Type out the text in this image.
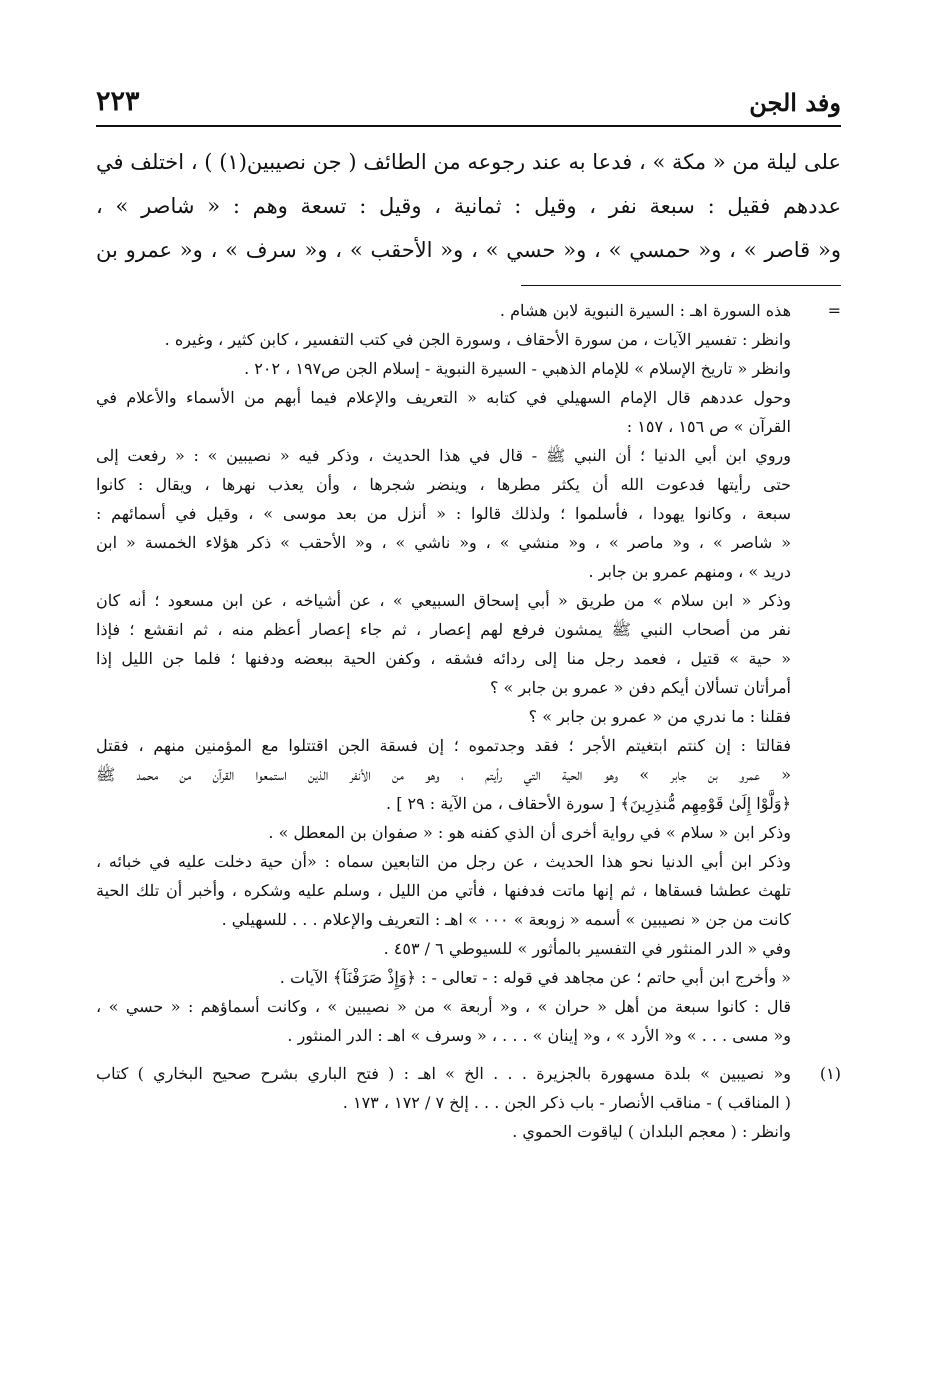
وفد الجن
٢٢٣
على ليلة من « مكة » ، فدعا به عند رجوعه من الطائف ( جن نصيبين(١) ) ، اختلف في
عددهم فقيل : سبعة نفر ، وقيل : ثمانية ، وقيل : تسعة وهم : « شاصر » ،
و« قاصر » ، و« حمسي » ، و« حسي » ، و« الأحقب » ، و« سرف » ، و« عمرو بن
=
هذه السورة اهـ : السيرة النبوية لابن هشام .
وانظر : تفسير الآيات ، من سورة الأحقاف ، وسورة الجن في كتب التفسير ، كابن كثير ، وغيره .
وانظر « تاريخ الإسلام » للإمام الذهبي - السيرة النبوية - إسلام الجن ص١٩٧ ، ٢٠٢ .
وحول عددهم قال الإمام السهيلي في كتابه « التعريف والإعلام فيما أبهم من الأسماء والأعلام في
القرآن » ص ١٥٦ ، ١٥٧ :
وروي ابن أبي الدنيا ؛ أن النبي ﷺ - قال في هذا الحديث ، وذكر فيه « نصيبين » : « رفعت إلى
حتى رأيتها فدعوت الله أن يكثر مطرها ، وينضر شجرها ، وأن يعذب نهرها ، ويقال : كانوا
سبعة ، وكانوا يهودا ، فأسلموا ؛ ولذلك قالوا : « أنزل من بعد موسى » ، وقيل في أسمائهم :
« شاصر » ، و« ماصر » ، و« منشي » ، و« ناشي » ، و« الأحقب » ذكر هؤلاء الخمسة « ابن
دريد » ، ومنهم عمرو بن جابر .
وذكر « ابن سلام » من طريق « أبي إسحاق السبيعي » ، عن أشياخه ، عن ابن مسعود ؛ أنه كان
نفر من أصحاب النبي ﷺ يمشون فرفع لهم إعصار ، ثم جاء إعصار أعظم منه ، ثم انقشع ؛ فإذا
« حية » قتيل ، فعمد رجل منا إلى ردائه فشقه ، وكفن الحية ببعضه ودفنها ؛ فلما جن الليل إذا
أمرأتان تسألان أيكم دفن « عمرو بن جابر » ؟
فقلنا : ما ندري من « عمرو بن جابر » ؟
فقالتا : إن كنتم ابتغيتم الأجر ؛ فقد وجدتموه ؛ إن فسقة الجن اقتتلوا مع المؤمنين منهم ، فقتل
« عمرو بن جابر » وهو الحية التي رأيتم ، وهو من الأنفر الذين استمعوا القرآن من محمد ﷺ
﴿وَلَّوْا إِلَىٰ قَوْمِهِم مُّنذِرِينَ﴾ [ سورة الأحقاف ، من الآية : ٢٩ ] .
وذكر ابن « سلام » في رواية أخرى أن الذي كفنه هو : « صفوان بن المعطل » .
وذكر ابن أبي الدنيا نحو هذا الحديث ، عن رجل من التابعين سماه : «أن حية دخلت عليه في خبائه ،
تلهث عطشا فسقاها ، ثم إنها ماتت فدفنها ، فأتي من الليل ، وسلم عليه وشكره ، وأخبر أن تلك الحية
كانت من جن « نصيبين » أسمه « زوبعة » ٠٠٠ » اهـ : التعريف والإعلام . . . للسهيلي .
وفي « الدر المنثور في التفسير بالمأثور » للسيوطي ٦ / ٤٥٣ .
« وأخرج ابن أبي حاتم ؛ عن مجاهد في قوله : - تعالى - : ﴿وَإِذْ صَرَفْنَآ﴾ الآيات .
قال : كانوا سبعة من أهل « حران » ، و« أربعة » من « نصيبين » ، وكانت أسماؤهم : « حسي » ،
و« مسى . . . » و« الأرد » ، و« إينان » . . . ، « وسرف » اهـ : الدر المنثور .
(١)
و« نصيبين » بلدة مسهورة بالجزيرة . . . الخ » اهـ : ( فتح الباري بشرح صحيح البخاري ) كتاب
( المناقب ) - مناقب الأنصار - باب ذكر الجن . . . إلخ ٧ / ١٧٢ ، ١٧٣ .
وانظر : ( معجم البلدان ) لياقوت الحموي .
